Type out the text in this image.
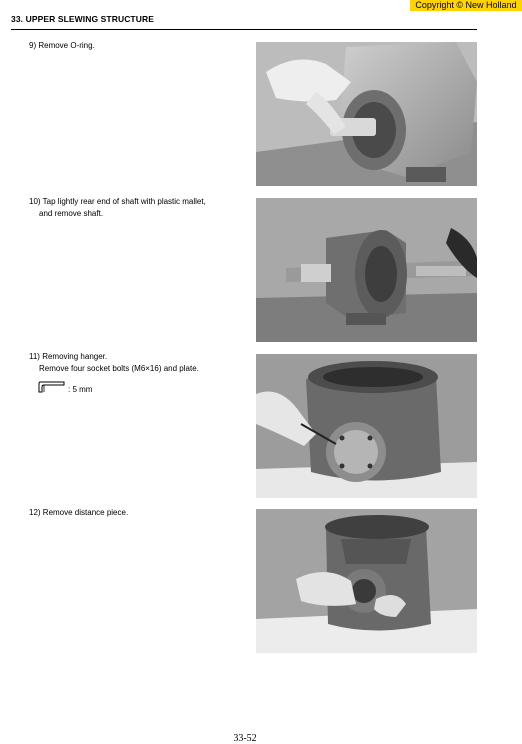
Copyright © New Holland
33. UPPER SLEWING STRUCTURE
9) Remove O-ring.
10) Tap lightly rear end of shaft with plastic mallet,
and remove shaft.
11) Removing hanger.
Remove four socket bolts (M6×16) and plate.
: 5 mm
12) Remove distance piece.
33-52
